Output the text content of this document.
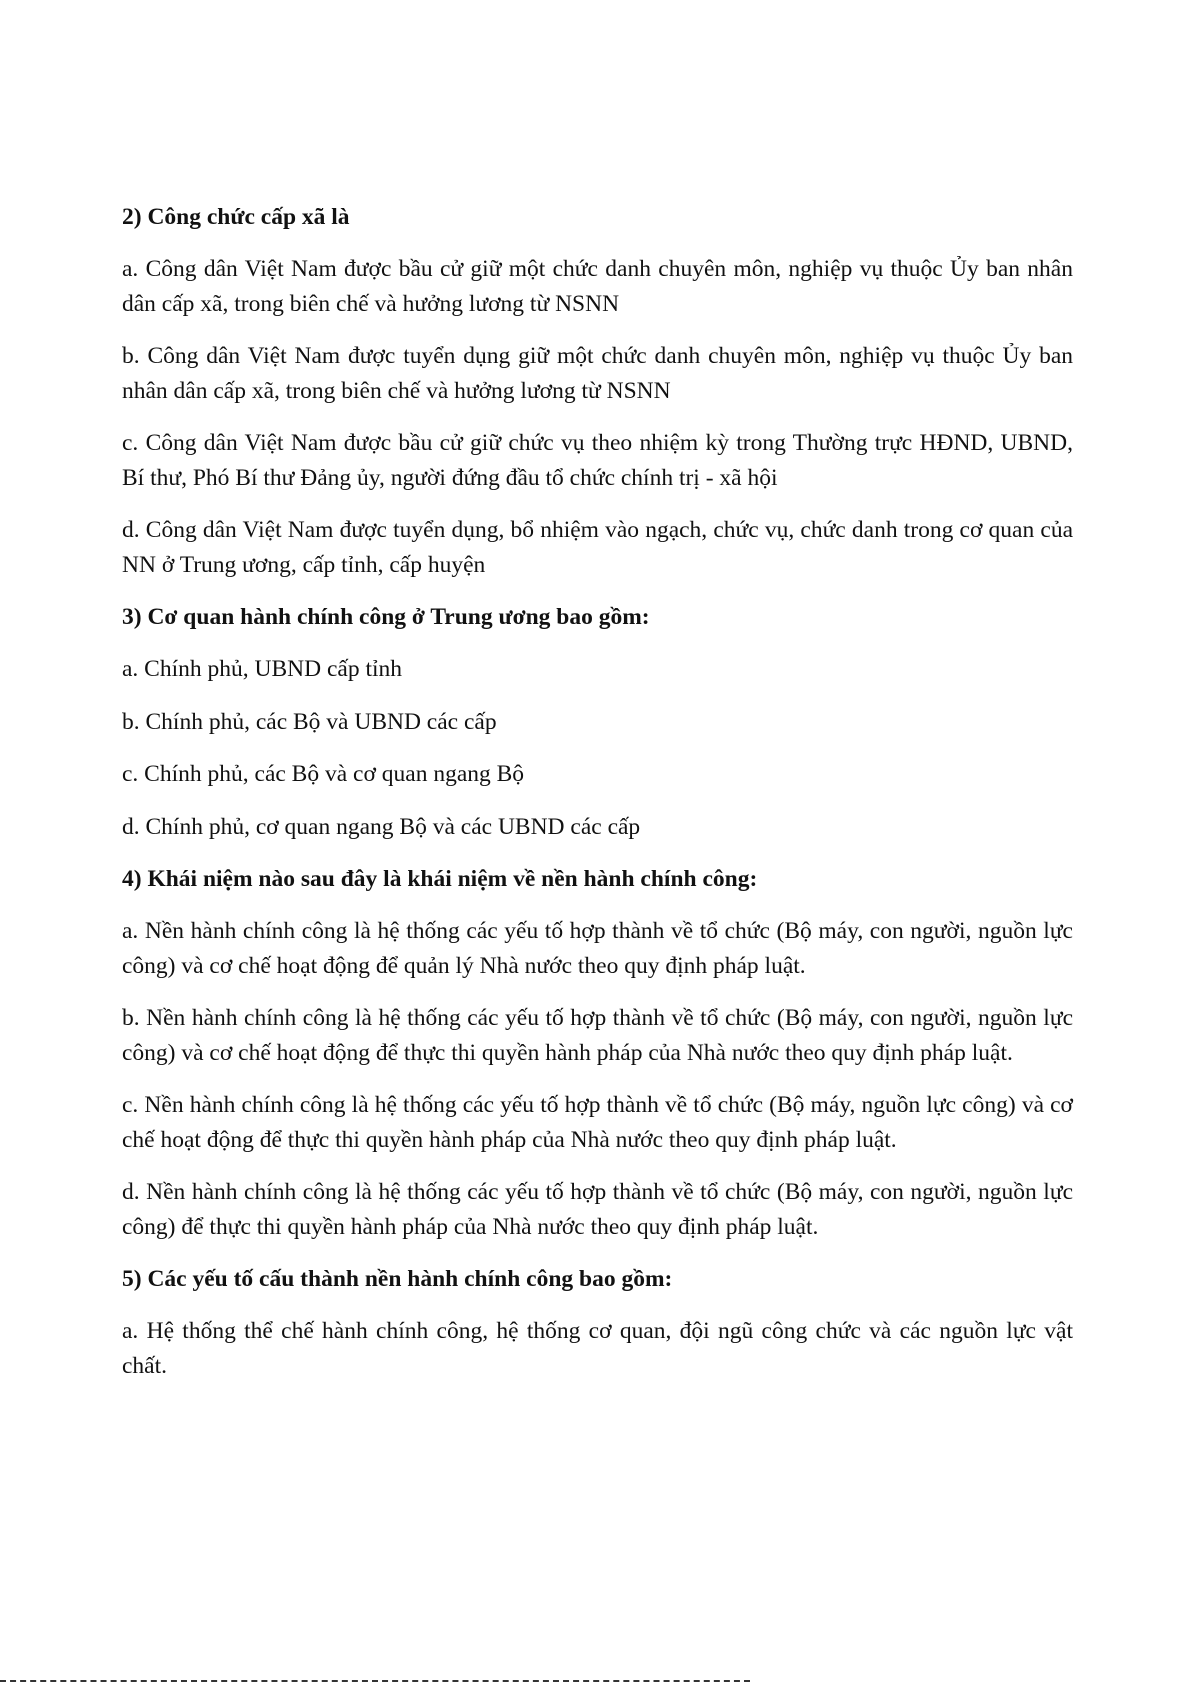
2) Công chức cấp xã là

a. Công dân Việt Nam được bầu cử giữ một chức danh chuyên môn, nghiệp vụ thuộc Ủy ban nhân dân cấp xã, trong biên chế và hưởng lương từ NSNN

b. Công dân Việt Nam được tuyển dụng giữ một chức danh chuyên môn, nghiệp vụ thuộc Ủy ban nhân dân cấp xã, trong biên chế và hưởng lương từ NSNN

c. Công dân Việt Nam được bầu cử giữ chức vụ theo nhiệm kỳ trong Thường trực HĐND, UBND, Bí thư, Phó Bí thư Đảng ủy, người đứng đầu tổ chức chính trị - xã hội

d. Công dân Việt Nam được tuyển dụng, bổ nhiệm vào ngạch, chức vụ, chức danh trong cơ quan của NN ở Trung ương, cấp tỉnh, cấp huyện

3) Cơ quan hành chính công ở Trung ương bao gồm:

a. Chính phủ, UBND cấp tỉnh

b. Chính phủ, các Bộ và UBND các cấp

c. Chính phủ, các Bộ và cơ quan ngang Bộ

d. Chính phủ, cơ quan ngang Bộ và các UBND các cấp

4) Khái niệm nào sau đây là khái niệm về nền hành chính công:

a. Nền hành chính công là hệ thống các yếu tố hợp thành về tổ chức (Bộ máy, con người, nguồn lực công) và cơ chế hoạt động để quản lý Nhà nước theo quy định pháp luật.

b. Nền hành chính công là hệ thống các yếu tố hợp thành về tổ chức (Bộ máy, con người, nguồn lực công) và cơ chế hoạt động để thực thi quyền hành pháp của Nhà nước theo quy định pháp luật.

c. Nền hành chính công là hệ thống các yếu tố hợp thành về tổ chức (Bộ máy, nguồn lực công) và cơ chế hoạt động để thực thi quyền hành pháp của Nhà nước theo quy định pháp luật.

d. Nền hành chính công là hệ thống các yếu tố hợp thành về tổ chức (Bộ máy, con người, nguồn lực công) để thực thi quyền hành pháp của Nhà nước theo quy định pháp luật.

5) Các yếu tố cấu thành nền hành chính công bao gồm:

a. Hệ thống thể chế hành chính công, hệ thống cơ quan, đội ngũ công chức và các nguồn lực vật chất.
